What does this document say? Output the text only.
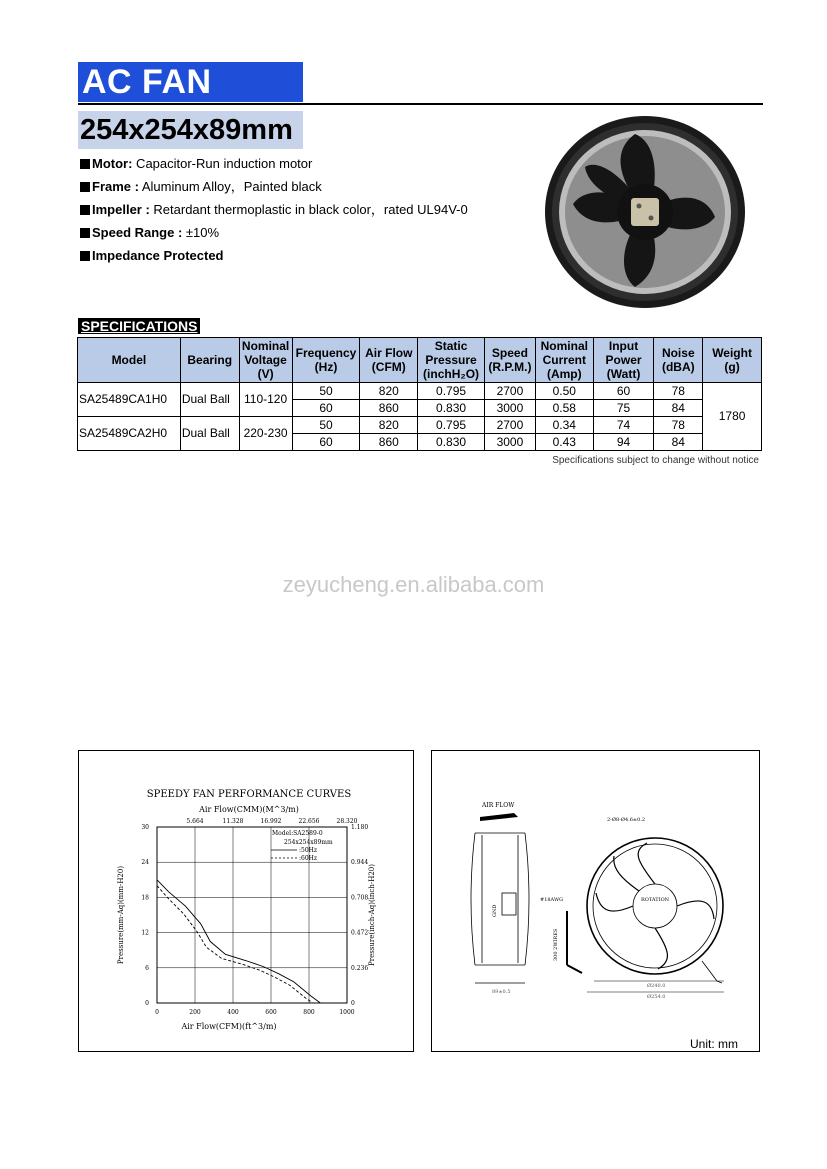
AC FAN
254x254x89mm
Motor: Capacitor-Run induction motor
Frame : Aluminum Alloy，Painted black
Impeller : Retardant thermoplastic in black color，rated UL94V-0
Speed Range : ±10%
Impedance Protected
SPECIFICATIONS
Model	Bearing	Nominal Voltage (V)	Frequency (Hz)	Air Flow (CFM)	Static Pressure (inchH₂O)	Speed (R.P.M.)	Nominal Current (Amp)	Input Power (Watt)	Noise (dBA)	Weight (g)
SA25489CA1H0	Dual Ball	110-120	50	820	0.795	2700	0.50	60	78	1780
			60	860	0.830	3000	0.58	75	84	
SA25489CA2H0	Dual Ball	220-230	50	820	0.795	2700	0.34	74	78	
			60	860	0.830	3000	0.43	94	84	
Specifications subject to change without notice
zeyucheng.en.alibaba.com
SPEEDY FAN PERFORMANCE CURVES
Air Flow(CMM)(M^3/m)
0	200	400	600	800	1000
0	0
6	0.236
12	0.472
18	0.708
24	0.944
30	1.180
5.664	11.328	16.992	22.656	28.320
Model:SA2589-0
254x254x89mm
:50Hz
:60Hz
Air Flow(CFM)(ft^3/m)
Pressure(mm-Aq)(mm-H20)	Pressure(inch-Aq)(inch-H20)
AIR FLOW
89±0.5
GND
ROTATION
2-Ø8-Ø4.6±0.2
#18AWG
300 2WIRES
Ø240.0
Ø254.0
Unit: mm
